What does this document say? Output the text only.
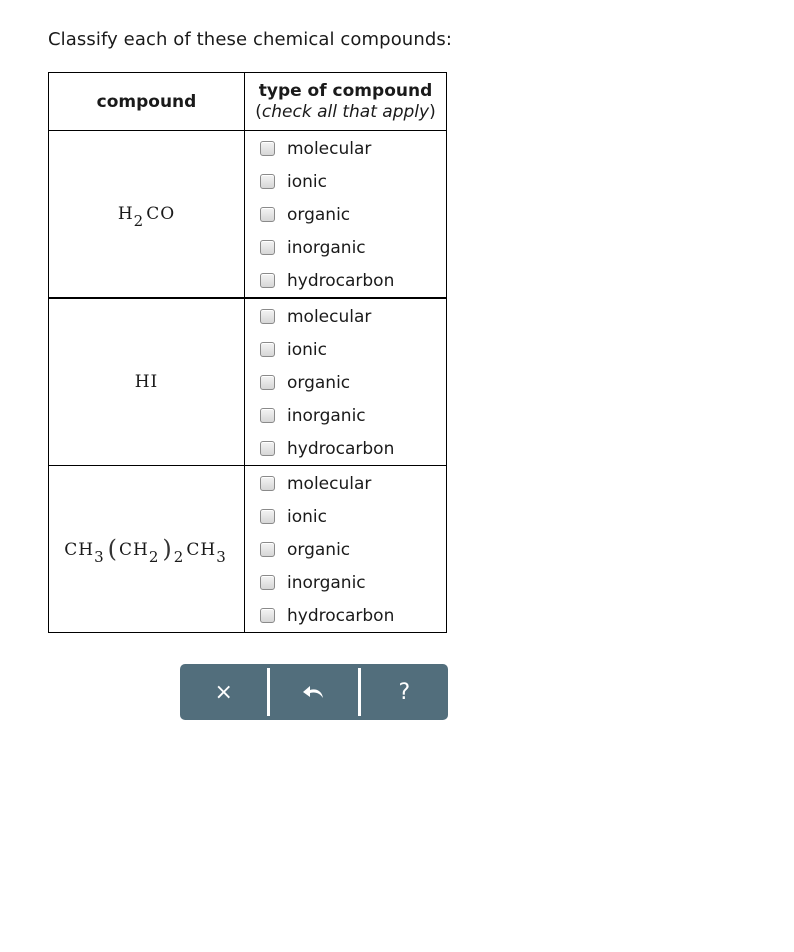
Classify each of these chemical compounds:
compound	type of compound
(check all that apply)

$H_2$ CO	molecular
ionic
organic
inorganic
hydrocarbon

HI	molecular
ionic
organic
inorganic
hydrocarbon

$CH_3$ ($CH_2$ )$_2$ $CH_3$	molecular
ionic
organic
inorganic
hydrocarbon
×	?
